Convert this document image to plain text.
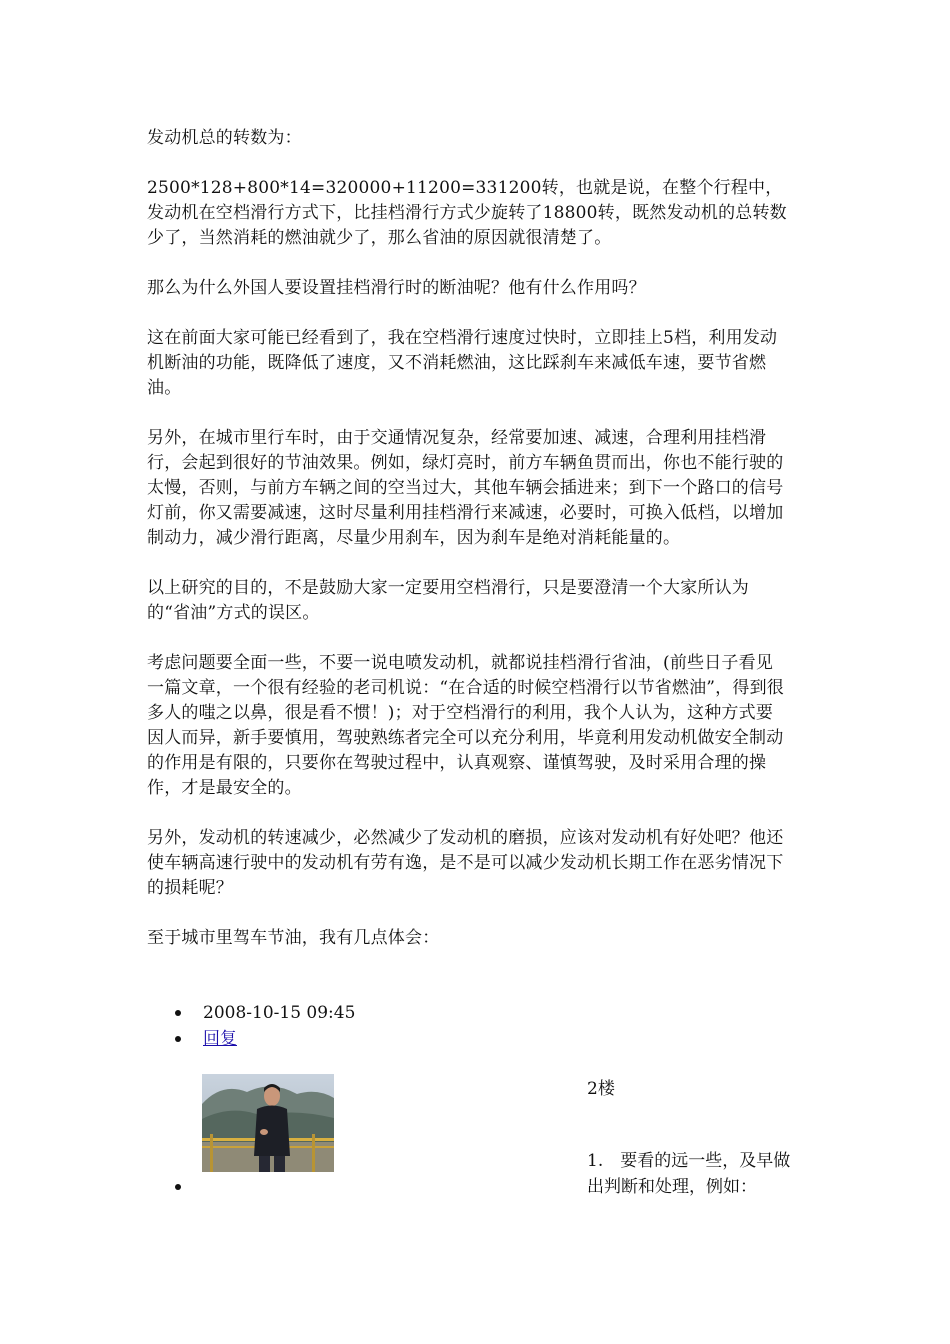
发动机总的转数为：

2500*128+800*14=320000+11200=331200转，也就是说，在整个行程中，发动机在空档滑行方式下，比挂档滑行方式少旋转了18800转，既然发动机的总转数少了，当然消耗的燃油就少了，那么省油的原因就很清楚了。

那么为什么外国人要设置挂档滑行时的断油呢？他有什么作用吗？

这在前面大家可能已经看到了，我在空档滑行速度过快时，立即挂上5档，利用发动机断油的功能，既降低了速度，又不消耗燃油，这比踩刹车来减低车速，要节省燃油。

另外，在城市里行车时，由于交通情况复杂，经常要加速、减速，合理利用挂档滑行，会起到很好的节油效果。例如，绿灯亮时，前方车辆鱼贯而出，你也不能行驶的太慢，否则，与前方车辆之间的空当过大，其他车辆会插进来；到下一个路口的信号灯前，你又需要减速，这时尽量利用挂档滑行来减速，必要时，可换入低档，以增加制动力，减少滑行距离，尽量少用刹车，因为刹车是绝对消耗能量的。

以上研究的目的，不是鼓励大家一定要用空档滑行，只是要澄清一个大家所认为的“省油”方式的误区。

考虑问题要全面一些，不要一说电喷发动机，就都说挂档滑行省油，(前些日子看见一篇文章，一个很有经验的老司机说：“在合适的时候空档滑行以节省燃油”，得到很多人的嗤之以鼻，很是看不惯！)；对于空档滑行的利用，我个人认为，这种方式要因人而异，新手要慎用，驾驶熟练者完全可以充分利用，毕竟利用发动机做安全制动的作用是有限的，只要你在驾驶过程中，认真观察、谨慎驾驶，及时采用合理的操作，才是最安全的。

另外，发动机的转速减少，必然减少了发动机的磨损，应该对发动机有好处吧？他还使车辆高速行驶中的发动机有劳有逸，是不是可以减少发动机长期工作在恶劣情况下的损耗呢？

至于城市里驾车节油，我有几点体会：

2008-10-15 09:45
回复
2楼
1.　要看的远一些，及早做出判断和处理，例如：
